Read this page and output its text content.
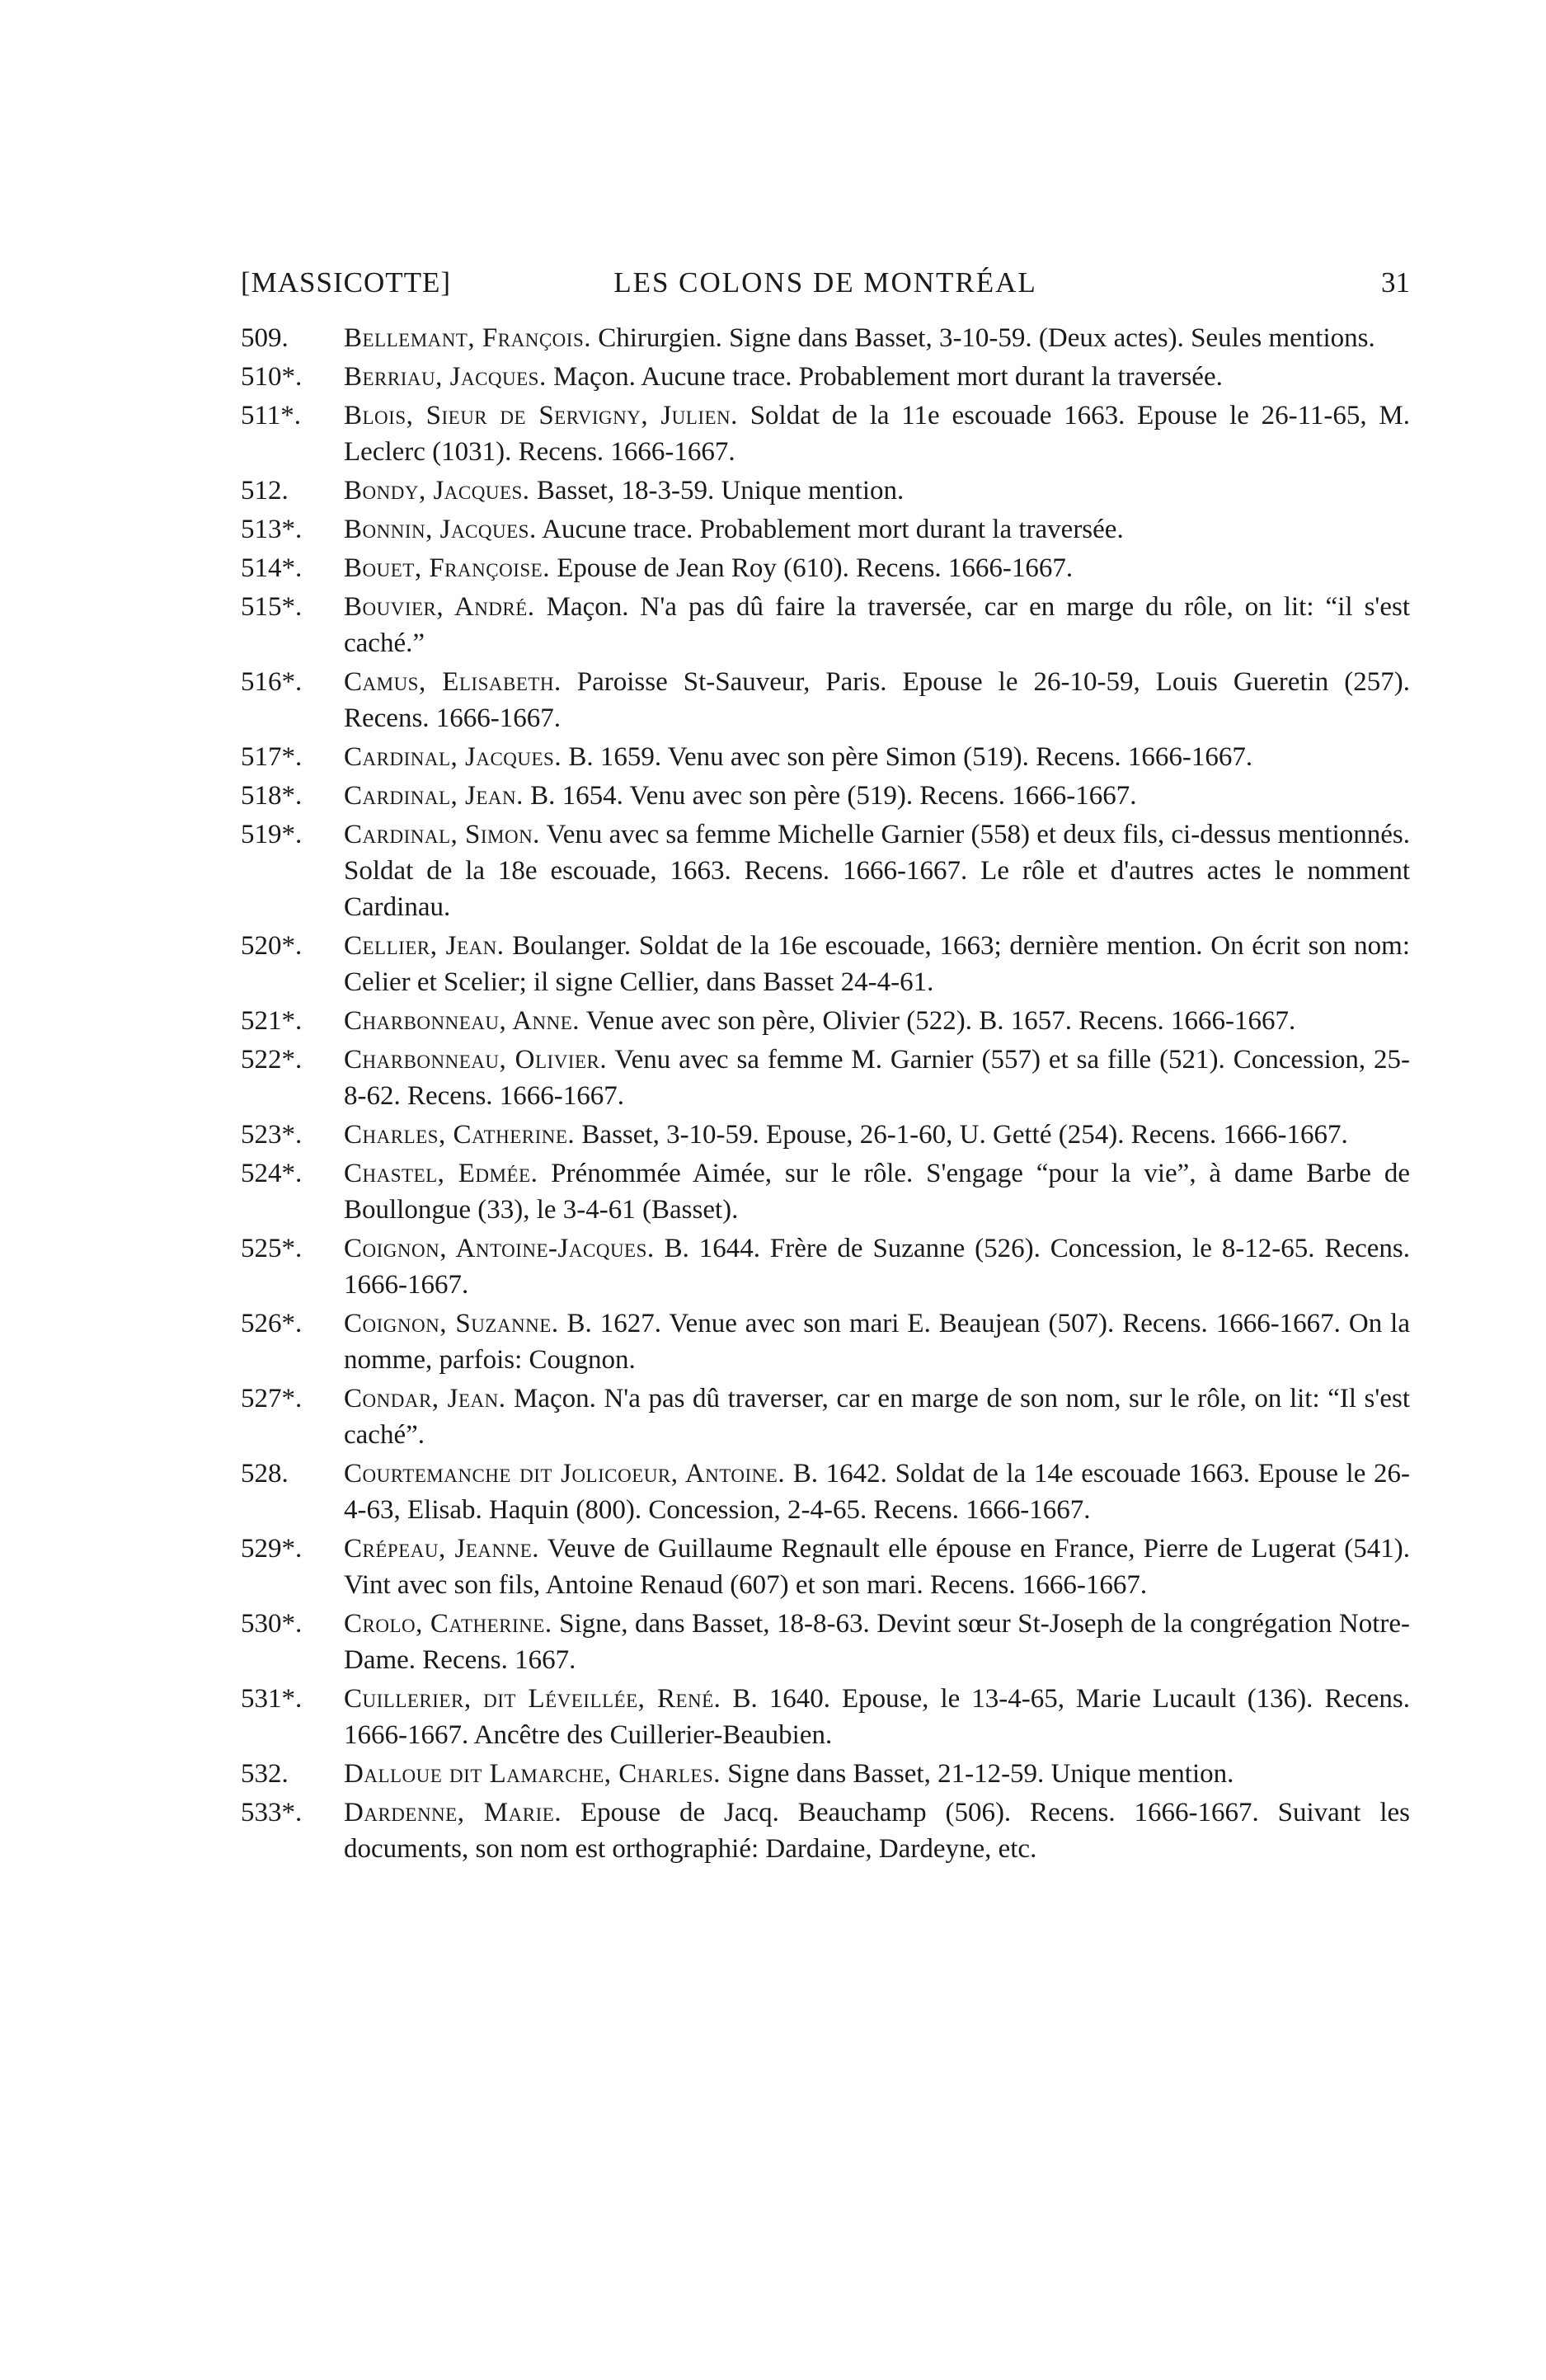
[MASSICOTTE]	LES COLONS DE MONTRÉAL	31
509.	Bellemant, François. Chirurgien. Signe dans Basset, 3-10-59. (Deux actes). Seules mentions.
510*.	Berriau, Jacques. Maçon. Aucune trace. Probablement mort durant la traversée.
511*.	Blois, Sieur de Servigny, Julien. Soldat de la 11e escouade 1663. Epouse le 26-11-65, M. Leclerc (1031). Recens. 1666-1667.
512.	Bondy, Jacques. Basset, 18-3-59. Unique mention.
513*.	Bonnin, Jacques. Aucune trace. Probablement mort durant la traversée.
514*.	Bouet, Françoise. Epouse de Jean Roy (610). Recens. 1666-1667.
515*.	Bouvier, André. Maçon. N'a pas dû faire la traversée, car en marge du rôle, on lit: “il s'est caché.”
516*.	Camus, Elisabeth. Paroisse St-Sauveur, Paris. Epouse le 26-10-59, Louis Gueretin (257). Recens. 1666-1667.
517*.	Cardinal, Jacques. B. 1659. Venu avec son père Simon (519). Recens. 1666-1667.
518*.	Cardinal, Jean. B. 1654. Venu avec son père (519). Recens. 1666-1667.
519*.	Cardinal, Simon. Venu avec sa femme Michelle Garnier (558) et deux fils, ci-dessus mentionnés. Soldat de la 18e escouade, 1663. Recens. 1666-1667. Le rôle et d'autres actes le nomment Cardinau.
520*.	Cellier, Jean. Boulanger. Soldat de la 16e escouade, 1663; dernière mention. On écrit son nom: Celier et Scelier; il signe Cellier, dans Basset 24-4-61.
521*.	Charbonneau, Anne. Venue avec son père, Olivier (522). B. 1657. Recens. 1666-1667.
522*.	Charbonneau, Olivier. Venu avec sa femme M. Garnier (557) et sa fille (521). Concession, 25-8-62. Recens. 1666-1667.
523*.	Charles, Catherine. Basset, 3-10-59. Epouse, 26-1-60, U. Getté (254). Recens. 1666-1667.
524*.	Chastel, Edmée. Prénommée Aimée, sur le rôle. S'engage “pour la vie”, à dame Barbe de Boullongue (33), le 3-4-61 (Basset).
525*.	Coignon, Antoine-Jacques. B. 1644. Frère de Suzanne (526). Concession, le 8-12-65. Recens. 1666-1667.
526*.	Coignon, Suzanne. B. 1627. Venue avec son mari E. Beaujean (507). Recens. 1666-1667. On la nomme, parfois: Cougnon.
527*.	Condar, Jean. Maçon. N'a pas dû traverser, car en marge de son nom, sur le rôle, on lit: “Il s'est caché”.
528.	Courtemanche dit Jolicoeur, Antoine. B. 1642. Soldat de la 14e escouade 1663. Epouse le 26-4-63, Elisab. Haquin (800). Concession, 2-4-65. Recens. 1666-1667.
529*.	Crépeau, Jeanne. Veuve de Guillaume Regnault elle épouse en France, Pierre de Lugerat (541). Vint avec son fils, Antoine Renaud (607) et son mari. Recens. 1666-1667.
530*.	Crolo, Catherine. Signe, dans Basset, 18-8-63. Devint sœur St-Joseph de la congrégation Notre-Dame. Recens. 1667.
531*.	Cuillerier, dit Léveillée, René. B. 1640. Epouse, le 13-4-65, Marie Lucault (136). Recens. 1666-1667. Ancêtre des Cuillerier-Beaubien.
532.	Dalloue dit Lamarche, Charles. Signe dans Basset, 21-12-59. Unique mention.
533*.	Dardenne, Marie. Epouse de Jacq. Beauchamp (506). Recens. 1666-1667. Suivant les documents, son nom est orthographié: Dardaine, Dardeyne, etc.
